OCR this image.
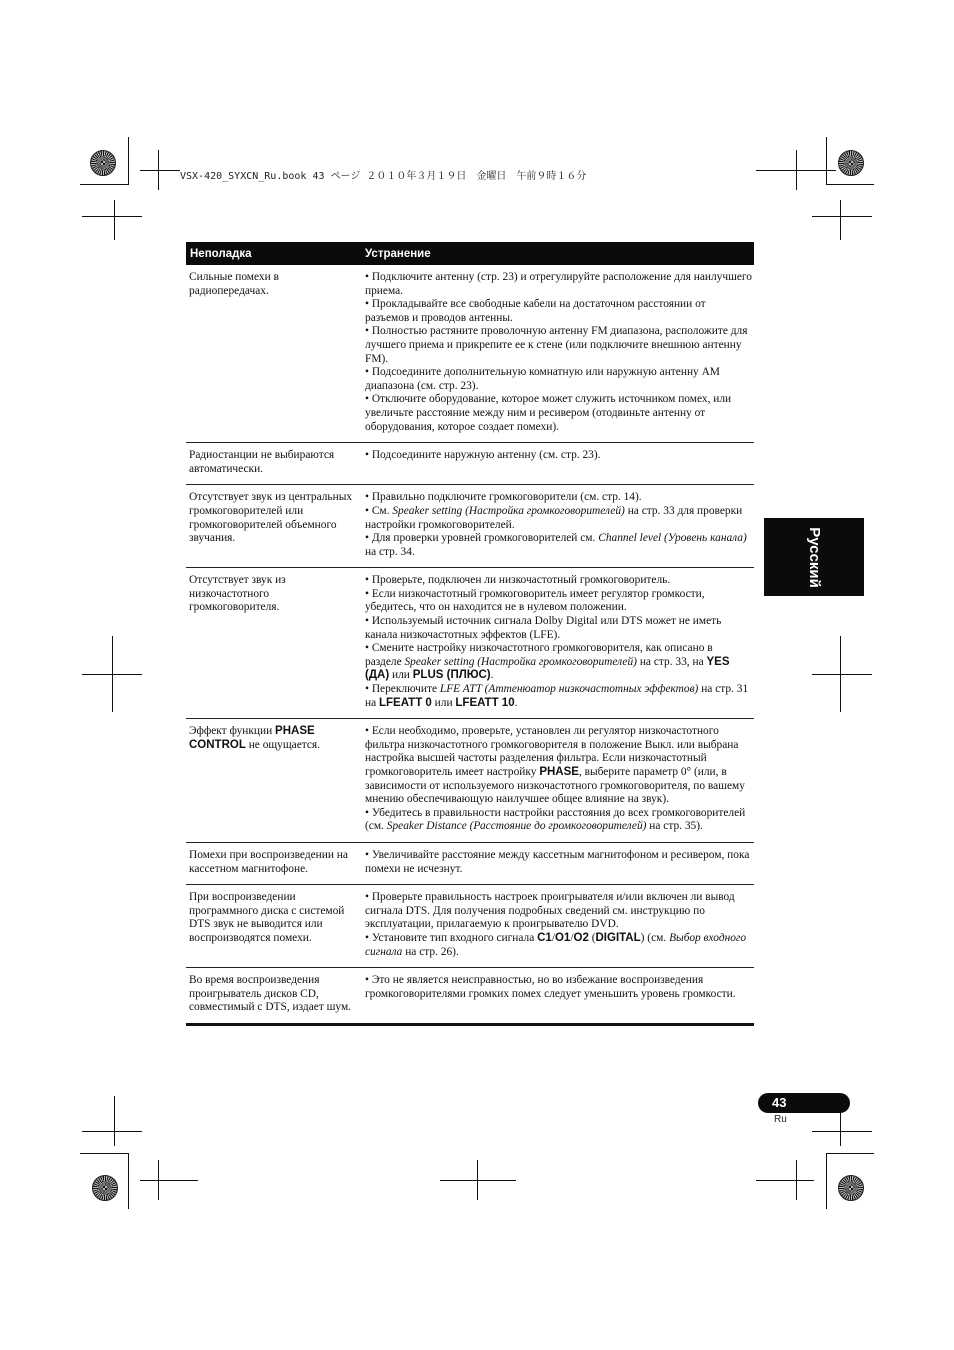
VSX-420_SYXCN_Ru.book 43 ページ ２０１０年３月１９日　金曜日　午前９時１６分
Неполадка	Устранение
Сильные помехи в радиопередачах.

• Подключите антенну (стр. 23) и отрегулируйте расположение для наилучшего приема.

• Прокладывайте все свободные кабели на достаточном расстоянии от разъемов и проводов антенны.

• Полностью растяните проволочную антенну FM диапазона, расположите для лучшего приема и прикрепите ее к стене (или подключите внешнюю антенну FM).

• Подсоедините дополнительную комнатную или наружную антенну AM диапазона (см. стр. 23).

• Отключите оборудование, которое может служить источником помех, или увеличьте расстояние между ним и ресивером (отодвиньте антенну от оборудования, которое создает помехи).

Радиостанции не выбираются автоматически.

• Подсоедините наружную антенну (см. стр. 23).

Отсутствует звук из центральных громкоговорителей или громкоговорителей объемного звучания.

• Правильно подключите громкоговорители (см. стр. 14).

• См. Speaker setting (Настройка громкоговорителей) на стр. 33 для проверки настройки громкоговорителей.

• Для проверки уровней громкоговорителей см. Channel level (Уровень канала) на стр. 34.

Отсутствует звук из низкочастотного громкоговорителя.

• Проверьте, подключен ли низкочастотный громкоговоритель.

• Если низкочастотный громкоговоритель имеет регулятор громкости, убедитесь, что он находится не в нулевом положении.

• Используемый источник сигнала Dolby Digital или DTS может не иметь канала низкочастотных эффектов (LFE).

• Смените настройку низкочастотного громкоговорителя, как описано в разделе Speaker setting (Настройка громкоговорителей) на стр. 33, на YES (ДА) или PLUS (ПЛЮС).

• Переключите LFE ATT (Аттенюатор низкочастотных эффектов) на стр. 31 на LFEATT 0 или LFEATT 10.

Эффект функции PHASE CONTROL не ощущается.

• Если необходимо, проверьте, установлен ли регулятор низкочастотного фильтра низкочастотного громкоговорителя в положение Выкл. или выбрана настройка высшей частоты разделения фильтра. Если низкочастотный громкоговоритель имеет настройку PHASE, выберите параметр 0° (или, в зависимости от используемого низкочастотного громкоговорителя, по вашему мнению обеспечивающую наилучшее общее влияние на звук).

• Убедитесь в правильности настройки расстояния до всех громкоговорителей (см. Speaker Distance (Расстояние до громкоговорителей) на стр. 35).

Помехи при воспроизведении на кассетном магнитофоне.

• Увеличивайте расстояние между кассетным магнитофоном и ресивером, пока помехи не исчезнут.

При воспроизведении программного диска с системой DTS звук не выводится или воспроизводятся помехи.

• Проверьте правильность настроек проигрывателя и/или включен ли вывод сигнала DTS. Для получения подробных сведений см. инструкцию по эксплуатации, прилагаемую к проигрывателю DVD.

• Установите тип входного сигнала C1/O1/O2 (DIGITAL) (см. Выбор входного сигнала на стр. 26).

Во время воспроизведения проигрыватель дисков CD, совместимый с DTS, издает шум.

• Это не является неисправностью, но во избежание воспроизведения громкоговорителями громких помех следует уменьшить уровень громкости.

Русский
43
Ru
